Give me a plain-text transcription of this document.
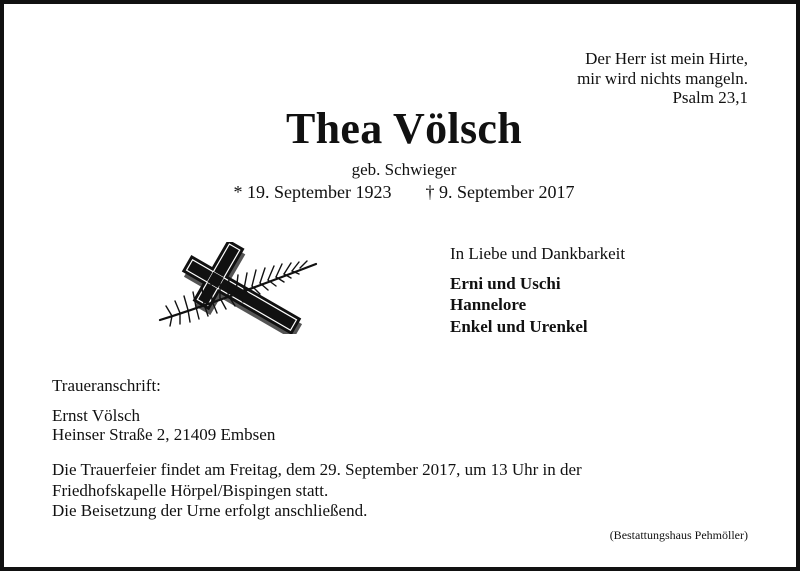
Der Herr ist mein Hirte,
mir wird nichts mangeln.
Psalm 23,1
Thea Völsch
geb. Schwieger
* 19. September 1923 † 9. September 2017
In Liebe und Dankbarkeit
Erni und Uschi
Hannelore
Enkel und Urenkel
Traueranschrift:
Ernst Völsch
Heinser Straße 2, 21409 Embsen
Die Trauerfeier findet am Freitag, dem 29. September 2017, um 13 Uhr in der
Friedhofskapelle Hörpel/Bispingen statt.
Die Beisetzung der Urne erfolgt anschließend.
(Bestattungshaus Pehmöller)
